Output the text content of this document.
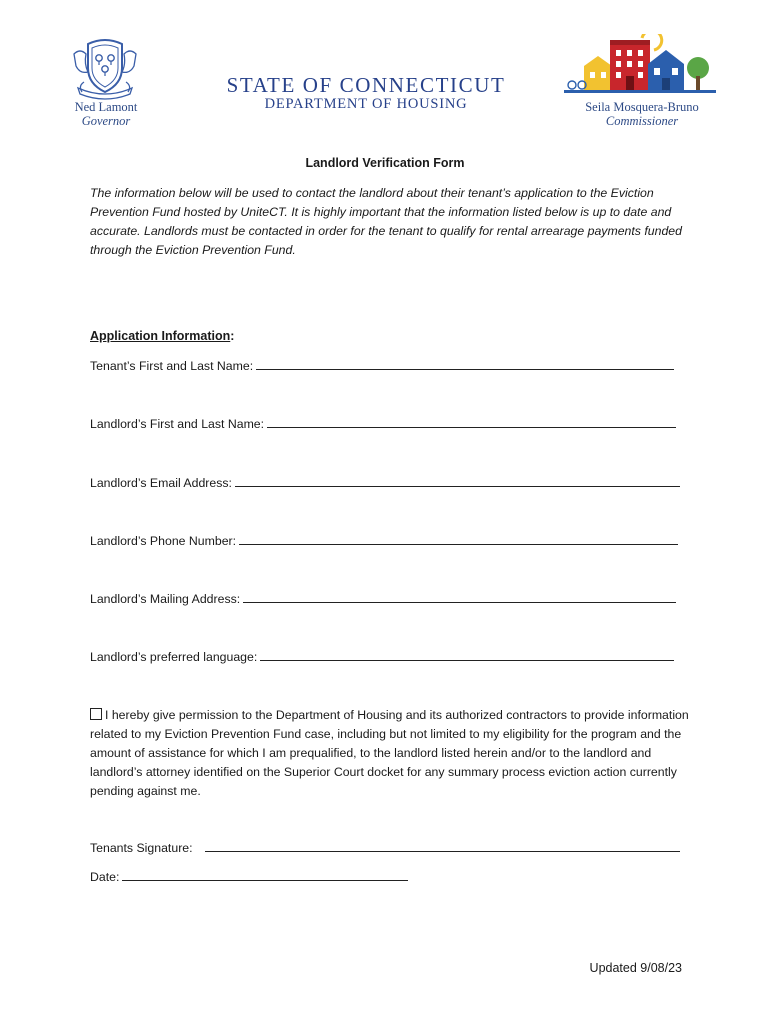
Ned Lamont
Governor
STATE OF CONNECTICUT
DEPARTMENT OF HOUSING	Seila Mosquera-Bruno
Commissioner
Landlord Verification Form
The information below will be used to contact the landlord about their tenant’s application to the Eviction Prevention Fund hosted by UniteCT. It is highly important that the information listed below is up to date and accurate. Landlords must be contacted in order for the tenant to qualify for rental arrearage payments funded through the Eviction Prevention Fund.
Application Information:
Tenant’s First and Last Name:
Landlord’s First and Last Name:
Landlord’s Email Address:
Landlord’s Phone Number:
Landlord’s Mailing Address:
Landlord’s preferred language:
I hereby give permission to the Department of Housing and its authorized contractors to provide information related to my Eviction Prevention Fund case, including but not limited to my eligibility for the program and the amount of assistance for which I am prequalified, to the landlord listed herein and/or to the landlord and landlord’s attorney identified on the Superior Court docket for any summary process eviction action currently pending against me.
Tenants Signature:
Date:
Updated 9/08/23
